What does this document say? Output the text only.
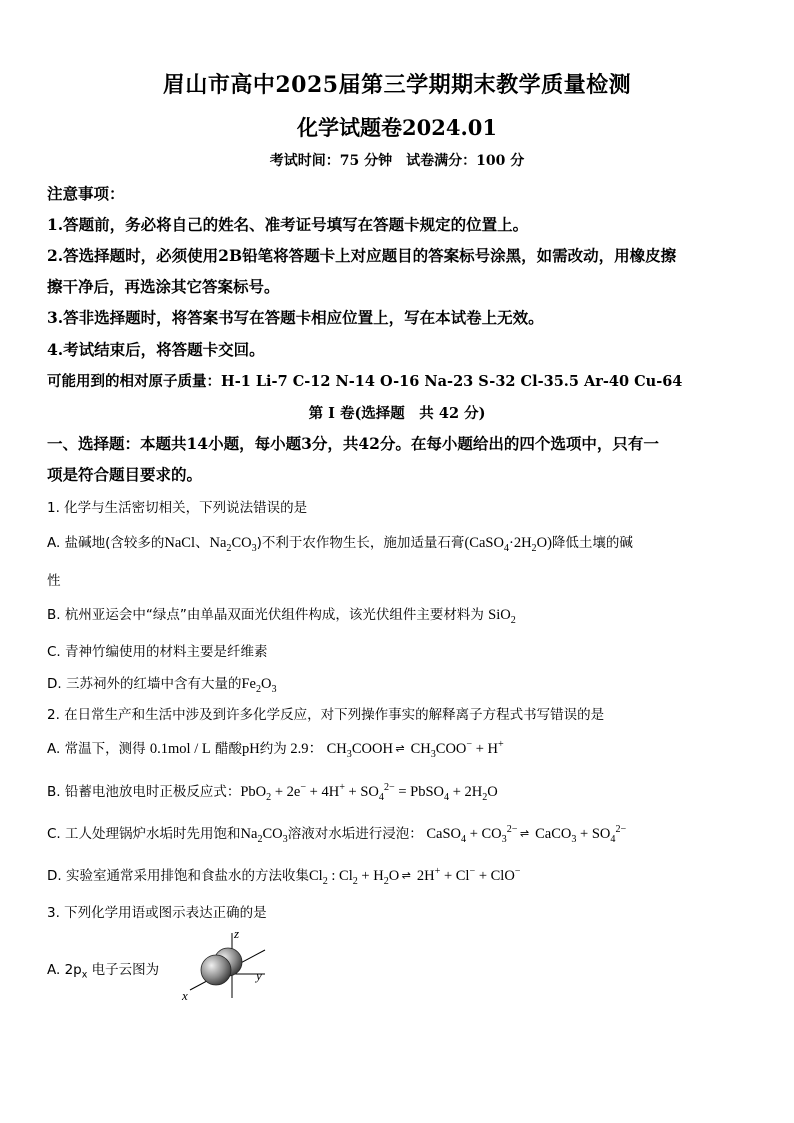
眉山市高中2025届第三学期期末教学质量检测
化学试题卷2024.01
考试时间：75 分钟　试卷满分：100 分
注意事项：
1.答题前，务必将自己的姓名、准考证号填写在答题卡规定的位置上。
2.答选择题时，必须使用2B铅笔将答题卡上对应题目的答案标号涂黑，如需改动，用橡皮擦
擦干净后，再选涂其它答案标号。
3.答非选择题时，将答案书写在答题卡相应位置上，写在本试卷上无效。
4.考试结束后，将答题卡交回。
可能用到的相对原子质量：H-1 Li-7 C-12 N-14 O-16 Na-23 S-32 Cl-35.5 Ar-40 Cu-64
第 I 卷(选择题　共 42 分)
一、选择题：本题共14小题，每小题3分，共42分。在每小题给出的四个选项中，只有一
项是符合题目要求的。
1. 化学与生活密切相关，下列说法错误的是
A. 盐碱地(含较多的NaCl、$Na_2CO_3$)不利于农作物生长，施加适量石膏$(CaSO_4\cdot 2H_2O)$降低土壤的碱
性
B. 杭州亚运会中“绿点”由单晶双面光伏组件构成，该光伏组件主要材料为 SiO$_2$
C. 青神竹编使用的材料主要是纤维素
D. 三苏祠外的红墙中含有大量的$Fe_2O_3$
2. 在日常生产和生活中涉及到许多化学反应，对下列操作事实的解释离子方程式书写错误的是
A. 常温下，测得 0.1mol / L 醋酸pH约为 2.9： $CH_3COOH$ ⇌ $CH_3COO^- + H^+$
B. 铅蓄电池放电时正极反应式：$PbO_2 + 2e^- + 4H^+ + SO_4^{2-}$ = PbSO$_4$ + $2H_2O$
C. 工人处理锅炉水垢时先用饱和$Na_2CO_3$溶液对水垢进行浸泡： CaSO$_4$ + $CO_3^{2-}$ ⇌ CaCO$_3$ + $SO_4^{2-}$
D. 实验室通常采用排饱和食盐水的方法收集$Cl_2$ : $Cl_2 + H_2O$ ⇌ 2H+ + Cl− + ClO−
3. 下列化学用语或图示表达正确的是
A. $2p_x$ 电子云图为
z
y
x
